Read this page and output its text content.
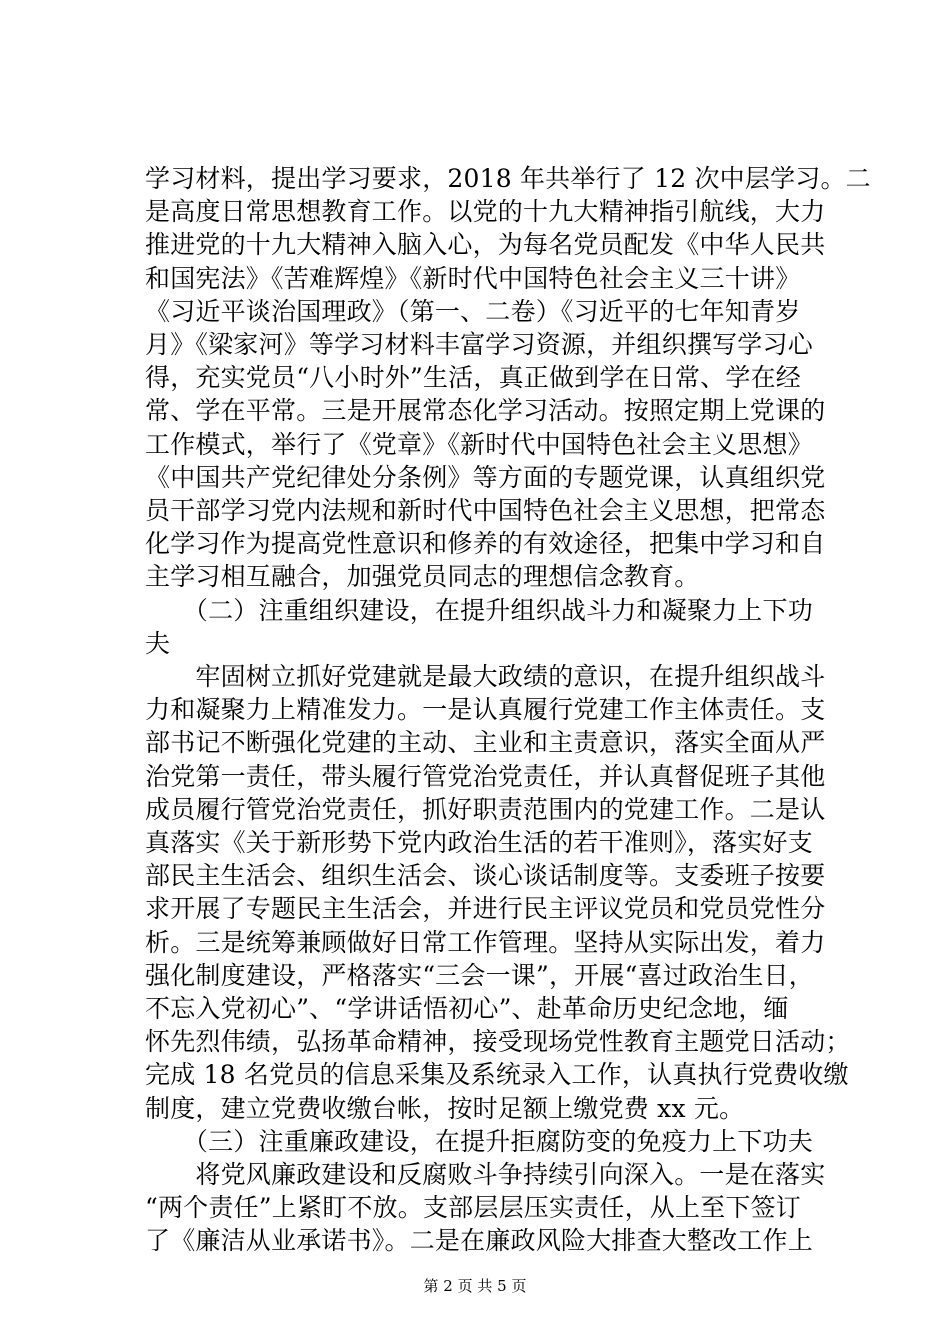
学习材料，提出学习要求，2018 年共举行了 12 次中层学习。二
是高度日常思想教育工作。以党的十九大精神指引航线，大力
推进党的十九大精神入脑入心，为每名党员配发《中华人民共
和国宪法》《苦难辉煌》《新时代中国特色社会主义三十讲》
《习近平谈治国理政》（第一、二卷）《习近平的七年知青岁
月》《梁家河》等学习材料丰富学习资源，并组织撰写学习心
得，充实党员“八小时外”生活，真正做到学在日常、学在经
常、学在平常。三是开展常态化学习活动。按照定期上党课的
工作模式，举行了《党章》《新时代中国特色社会主义思想》
《中国共产党纪律处分条例》等方面的专题党课，认真组织党
员干部学习党内法规和新时代中国特色社会主义思想，把常态
化学习作为提高党性意识和修养的有效途径，把集中学习和自
主学习相互融合，加强党员同志的理想信念教育。
　　（二）注重组织建设，在提升组织战斗力和凝聚力上下功
夫
　　牢固树立抓好党建就是最大政绩的意识，在提升组织战斗
力和凝聚力上精准发力。一是认真履行党建工作主体责任。支
部书记不断强化党建的主动、主业和主责意识，落实全面从严
治党第一责任，带头履行管党治党责任，并认真督促班子其他
成员履行管党治党责任，抓好职责范围内的党建工作。二是认
真落实《关于新形势下党内政治生活的若干准则》，落实好支
部民主生活会、组织生活会、谈心谈话制度等。支委班子按要
求开展了专题民主生活会，并进行民主评议党员和党员党性分
析。三是统筹兼顾做好日常工作管理。坚持从实际出发，着力
强化制度建设，严格落实“三会一课”，开展“喜过政治生日，
不忘入党初心”、“学讲话悟初心”、赴革命历史纪念地，缅
怀先烈伟绩，弘扬革命精神，接受现场党性教育主题党日活动；
完成 18 名党员的信息采集及系统录入工作，认真执行党费收缴
制度，建立党费收缴台帐，按时足额上缴党费 xx 元。
　　（三）注重廉政建设，在提升拒腐防变的免疫力上下功夫
　　将党风廉政建设和反腐败斗争持续引向深入。一是在落实
“两个责任”上紧盯不放。支部层层压实责任，从上至下签订
了《廉洁从业承诺书》。二是在廉政风险大排查大整改工作上
第 2 页 共 5 页
